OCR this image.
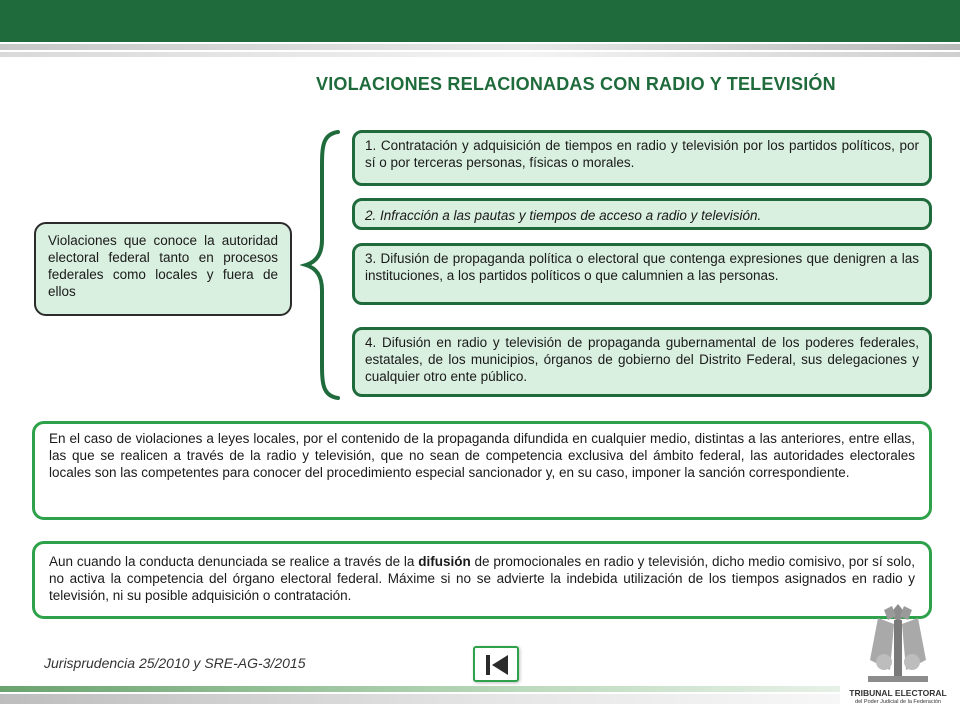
VIOLACIONES RELACIONADAS CON RADIO Y TELEVISIÓN
Violaciones que conoce la autoridad electoral federal tanto en procesos federales como locales y fuera de ellos
1. Contratación y adquisición de tiempos en radio y televisión por los partidos políticos, por sí o por terceras personas, físicas o morales.
2. Infracción a las pautas y tiempos de acceso a radio y televisión.
3. Difusión de propaganda política o electoral que contenga expresiones que denigren a las instituciones, a los partidos políticos o que calumnien a las personas.
4. Difusión en radio y televisión de propaganda gubernamental de los poderes federales, estatales, de los municipios, órganos de gobierno del Distrito Federal, sus delegaciones y cualquier otro ente público.
En el caso de violaciones a leyes locales, por el contenido de la propaganda difundida en cualquier medio, distintas a las anteriores, entre ellas, las que se realicen a través de la radio y televisión, que no sean de competencia exclusiva del ámbito federal, las autoridades electorales locales son las competentes para conocer del procedimiento especial sancionador y, en su caso, imponer la sanción correspondiente.
Aun cuando la conducta denunciada se realice a través de la difusión de promocionales en radio y televisión, dicho medio comisivo, por sí solo, no activa la competencia del órgano electoral federal. Máxime si no se advierte la indebida utilización de los tiempos asignados en radio y televisión, ni su posible adquisición o contratación.
Jurisprudencia 25/2010 y SRE-AG-3/2015
TRIBUNAL ELECTORAL
del Poder Judicial de la Federación
